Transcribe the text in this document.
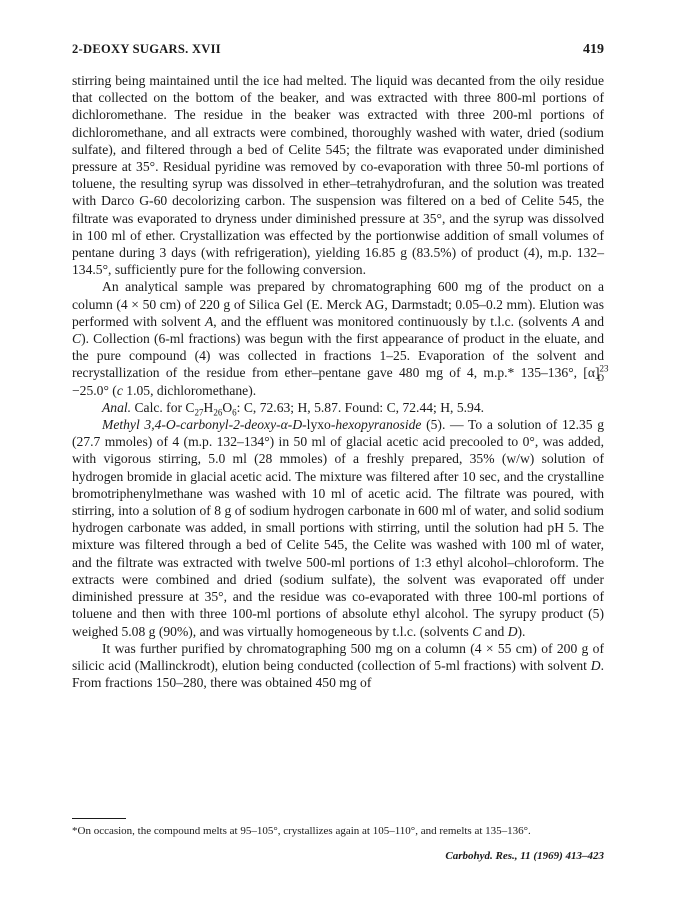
2-DEOXY SUGARS. XVII	419

stirring being maintained until the ice had melted. The liquid was decanted from the oily residue that collected on the bottom of the beaker, and was extracted with three 800-ml portions of dichloromethane. The residue in the beaker was extracted with three 200-ml portions of dichloromethane, and all extracts were combined, thoroughly washed with water, dried (sodium sulfate), and filtered through a bed of Celite 545; the filtrate was evaporated under diminished pressure at 35°. Residual pyridine was removed by co-evaporation with three 50-ml portions of toluene, the resulting syrup was dissolved in ether–tetrahydrofuran, and the solution was treated with Darco G-60 decolorizing carbon. The suspension was filtered on a bed of Celite 545, the filtrate was evaporated to dryness under diminished pressure at 35°, and the syrup was dissolved in 100 ml of ether. Crystallization was effected by the portionwise addition of small volumes of pentane during 3 days (with refrigeration), yielding 16.85 g (83.5%) of product (4), m.p. 132–134.5°, sufficiently pure for the following conversion.

An analytical sample was prepared by chromatographing 600 mg of the product on a column (4 × 50 cm) of 220 g of Silica Gel (E. Merck AG, Darmstadt; 0.05–0.2 mm). Elution was performed with solvent A, and the effluent was monitored continuously by t.l.c. (solvents A and C). Collection (6-ml fractions) was begun with the first appearance of product in the eluate, and the pure compound (4) was collected in fractions 1–25. Evaporation of the solvent and recrystallization of the residue from ether–pentane gave 480 mg of 4, m.p.* 135–136°, $[\alpha]^{23}_D -25.0^\circ$ (c 1.05, dichloromethane).

Anal. Calc. for $C_{27}H_{26}O_6$: C, 72.63; H, 5.87. Found: C, 72.44; H, 5.94.

Methyl 3,4-O-carbonyl-2-deoxy-α-D-lyxo-hexopyranoside (5). — To a solution of 12.35 g (27.7 mmoles) of 4 (m.p. 132–134°) in 50 ml of glacial acetic acid precooled to 0°, was added, with vigorous stirring, 5.0 ml (28 mmoles) of a freshly prepared, 35% (w/w) solution of hydrogen bromide in glacial acetic acid. The mixture was filtered after 10 sec, and the crystalline bromotriphenylmethane was washed with 10 ml of acetic acid. The filtrate was poured, with stirring, into a solution of 8 g of sodium hydrogen carbonate in 600 ml of water, and solid sodium hydrogen carbonate was added, in small portions with stirring, until the solution had pH 5. The mixture was filtered through a bed of Celite 545, the Celite was washed with 100 ml of water, and the filtrate was extracted with twelve 500-ml portions of 1:3 ethyl alcohol–chloroform. The extracts were combined and dried (sodium sulfate), the solvent was evaporated off under diminished pressure at 35°, and the residue was co-evaporated with three 100-ml portions of toluene and then with three 100-ml portions of absolute ethyl alcohol. The syrupy product (5) weighed 5.08 g (90%), and was virtually homogeneous by t.l.c. (solvents C and D).

It was further purified by chromatographing 500 mg on a column (4 × 55 cm) of 200 g of silicic acid (Mallinckrodt), elution being conducted (collection of 5-ml fractions) with solvent D. From fractions 150–280, there was obtained 450 mg of

*On occasion, the compound melts at 95–105°, crystallizes again at 105–110°, and remelts at 135–136°.
Carbohyd. Res., 11 (1969) 413–423
